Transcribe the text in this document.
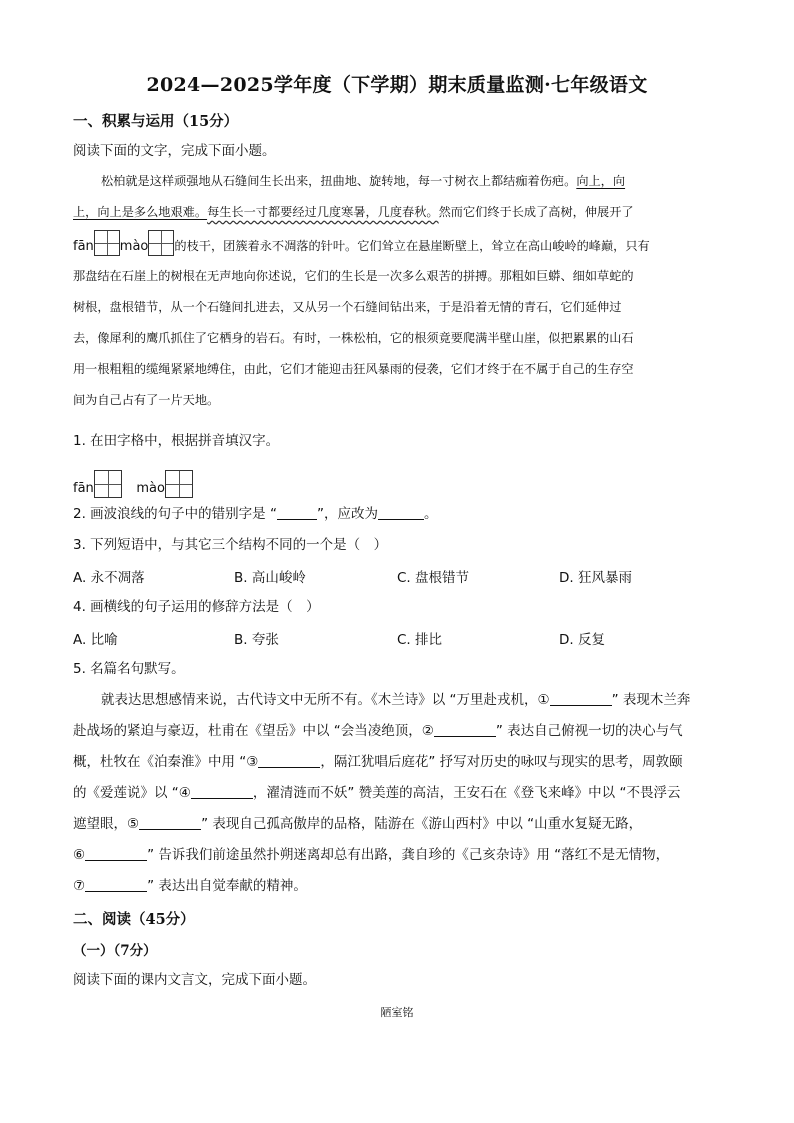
2024—2025学年度（下学期）期末质量监测·七年级语文
一、积累与运用（15分）
阅读下面的文字，完成下面小题。
松柏就是这样顽强地从石缝间生长出来，扭曲地、旋转地，每一寸树衣上都结痂着伤疤。向上，向
上，向上是多么地艰难。每生长一寸都要经过几度寒暑，几度春秋。然而它们终于长成了高树，伸展开了
fān mào 的枝干，团簇着永不凋落的针叶。它们耸立在悬崖断壁上，耸立在高山峻岭的峰巅，只有
那盘结在石崖上的树根在无声地向你述说，它们的生长是一次多么艰苦的拼搏。那粗如巨蟒、细如草蛇的
树根，盘根错节，从一个石缝间扎进去，又从另一个石缝间钻出来，于是沿着无情的青石，它们延伸过
去，像犀利的鹰爪抓住了它栖身的岩石。有时，一株松柏，它的根须竟要爬满半壁山崖，似把累累的山石
用一根粗粗的缆绳紧紧地缚住，由此，它们才能迎击狂风暴雨的侵袭，它们才终于在不属于自己的生存空
间为自己占有了一片天地。
1. 在田字格中，根据拼音填汉字。
fān	mào
2. 画波浪线的句子中的错别字是 “	”，应改为	。
3. 下列短语中，与其它三个结构不同的一个是（　）
A. 永不凋落	B. 高山峻岭	C. 盘根错节	D. 狂风暴雨
4. 画横线的句子运用的修辞方法是（　）
A. 比喻	B. 夸张	C. 排比	D. 反复
5. 名篇名句默写。
就表达思想感情来说，古代诗文中无所不有。《木兰诗》以 “万里赴戎机，①	” 表现木兰奔
赴战场的紧迫与豪迈，杜甫在《望岳》中以 “会当凌绝顶，②	” 表达自己俯视一切的决心与气
概，杜牧在《泊秦淮》中用 “③	，隔江犹唱后庭花” 抒写对历史的咏叹与现实的思考，周敦颐
的《爱莲说》以 “④	，濯清涟而不妖” 赞美莲的高洁，王安石在《登飞来峰》中以 “不畏浮云
遮望眼，⑤	” 表现自己孤高傲岸的品格，陆游在《游山西村》中以 “山重水复疑无路，
⑥	” 告诉我们前途虽然扑朔迷离却总有出路，龚自珍的《己亥杂诗》用 “落红不是无情物，
⑦	” 表达出自觉奉献的精神。
二、阅读（45分）
（一）（7分）
阅读下面的课内文言文，完成下面小题。
陋室铭
